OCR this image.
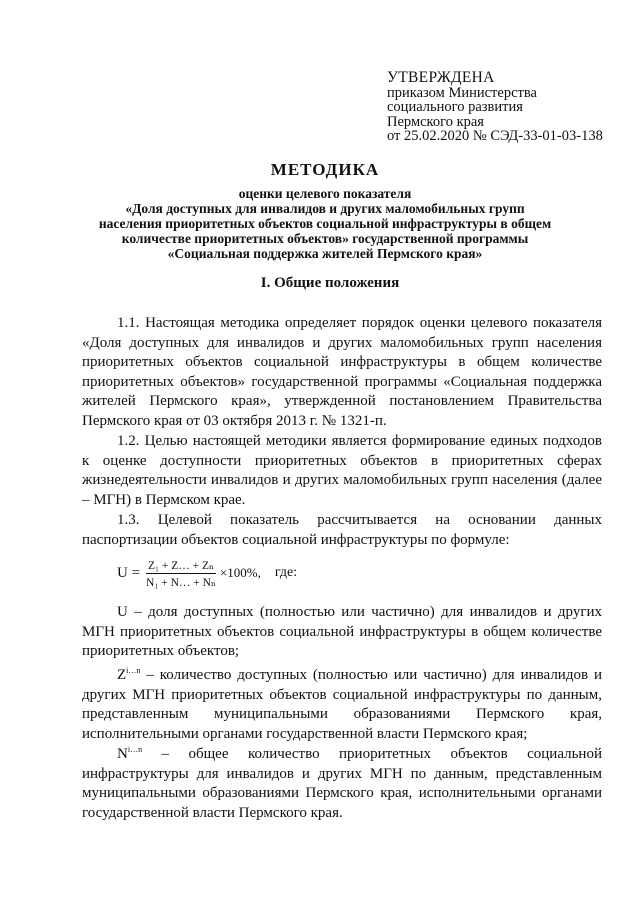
УТВЕРЖДЕНА
приказом Министерства
социального развития
Пермского края
от 25.02.2020 № СЭД-33-01-03-138
МЕТОДИКА
оценки целевого показателя
«Доля доступных для инвалидов и других маломобильных групп
населения приоритетных объектов социальной инфраструктуры в общем
количестве приоритетных объектов» государственной программы
«Социальная поддержка жителей Пермского края»
I. Общие положения
1.1. Настоящая методика определяет порядок оценки целевого показателя «Доля доступных для инвалидов и других маломобильных групп населения приоритетных объектов социальной инфраструктуры в общем количестве приоритетных объектов» государственной программы «Социальная поддержка жителей Пермского края», утвержденной постановлением Правительства Пермского края от 03 октября 2013 г. № 1321-п.
1.2. Целью настоящей методики является формирование единых подходов к оценке доступности приоритетных объектов в приоритетных сферах жизнедеятельности инвалидов и других маломобильных групп населения (далее – МГН) в Пермском крае.
1.3. Целевой показатель рассчитывается на основании данных паспортизации объектов социальной инфраструктуры по формуле:
$U = \frac{\text{Z₁ + Z… + Zₙ}}{\text{N₁ + N… + Nₙ}} \times 100\%$, где:
U – доля доступных (полностью или частично) для инвалидов и других МГН приоритетных объектов социальной инфраструктуры в общем количестве приоритетных объектов;
$Z^{i\dots n}$ – количество доступных (полностью или частично) для инвалидов и других МГН приоритетных объектов социальной инфраструктуры по данным, представленным муниципальными образованиями Пермского края, исполнительными органами государственной власти Пермского края;
$N^{i\dots n}$ – общее количество приоритетных объектов социальной инфраструктуры для инвалидов и других МГН по данным, представленным муниципальными образованиями Пермского края, исполнительными органами государственной власти Пермского края.
